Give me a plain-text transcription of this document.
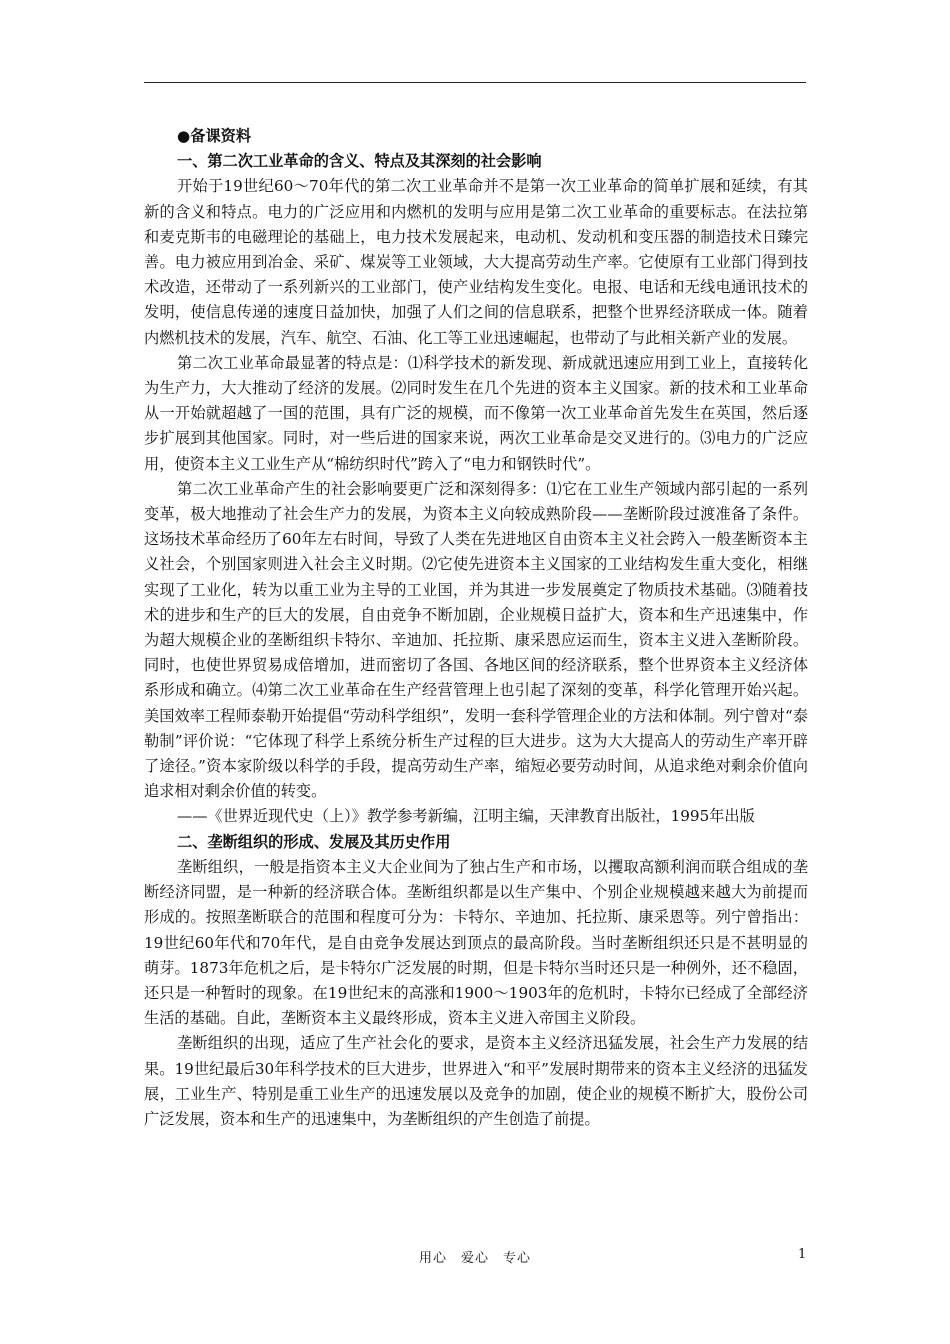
●备课资料

一、第二次工业革命的含义、特点及其深刻的社会影响

开始于19世纪60～70年代的第二次工业革命并不是第一次工业革命的简单扩展和延续，有其新的含义和特点。电力的广泛应用和内燃机的发明与应用是第二次工业革命的重要标志。在法拉第和麦克斯韦的电磁理论的基础上，电力技术发展起来，电动机、发动机和变压器的制造技术日臻完善。电力被应用到冶金、采矿、煤炭等工业领域，大大提高劳动生产率。它使原有工业部门得到技术改造，还带动了一系列新兴的工业部门，使产业结构发生变化。电报、电话和无线电通讯技术的发明，使信息传递的速度日益加快，加强了人们之间的信息联系，把整个世界经济联成一体。随着内燃机技术的发展，汽车、航空、石油、化工等工业迅速崛起，也带动了与此相关新产业的发展。

第二次工业革命最显著的特点是：⑴科学技术的新发现、新成就迅速应用到工业上，直接转化为生产力，大大推动了经济的发展。⑵同时发生在几个先进的资本主义国家。新的技术和工业革命从一开始就超越了一国的范围，具有广泛的规模，而不像第一次工业革命首先发生在英国，然后逐步扩展到其他国家。同时，对一些后进的国家来说，两次工业革命是交叉进行的。⑶电力的广泛应用，使资本主义工业生产从“棉纺织时代”跨入了“电力和钢铁时代”。

第二次工业革命产生的社会影响要更广泛和深刻得多：⑴它在工业生产领域内部引起的一系列变革，极大地推动了社会生产力的发展，为资本主义向较成熟阶段——垄断阶段过渡准备了条件。这场技术革命经历了60年左右时间，导致了人类在先进地区自由资本主义社会跨入一般垄断资本主义社会，个别国家则进入社会主义时期。⑵它使先进资本主义国家的工业结构发生重大变化，相继实现了工业化，转为以重工业为主导的工业国，并为其进一步发展奠定了物质技术基础。⑶随着技术的进步和生产的巨大的发展，自由竞争不断加剧，企业规模日益扩大，资本和生产迅速集中，作为超大规模企业的垄断组织卡特尔、辛迪加、托拉斯、康采恩应运而生，资本主义进入垄断阶段。同时，也使世界贸易成倍增加，进而密切了各国、各地区间的经济联系，整个世界资本主义经济体系形成和确立。⑷第二次工业革命在生产经营管理上也引起了深刻的变革，科学化管理开始兴起。美国效率工程师泰勒开始提倡“劳动科学组织”，发明一套科学管理企业的方法和体制。列宁曾对“泰勒制”评价说：“它体现了科学上系统分析生产过程的巨大进步。这为大大提高人的劳动生产率开辟了途径。”资本家阶级以科学的手段，提高劳动生产率，缩短必要劳动时间，从追求绝对剩余价值向追求相对剩余价值的转变。

——《世界近现代史（上）》教学参考新编，江明主编，天津教育出版社，1995年出版

二、垄断组织的形成、发展及其历史作用

垄断组织，一般是指资本主义大企业间为了独占生产和市场，以攫取高额利润而联合组成的垄断经济同盟，是一种新的经济联合体。垄断组织都是以生产集中、个别企业规模越来越大为前提而形成的。按照垄断联合的范围和程度可分为：卡特尔、辛迪加、托拉斯、康采恩等。列宁曾指出：19世纪60年代和70年代，是自由竞争发展达到顶点的最高阶段。当时垄断组织还只是不甚明显的萌芽。1873年危机之后，是卡特尔广泛发展的时期，但是卡特尔当时还只是一种例外，还不稳固，还只是一种暂时的现象。在19世纪末的高涨和1900～1903年的危机时，卡特尔已经成了全部经济生活的基础。自此，垄断资本主义最终形成，资本主义进入帝国主义阶段。

垄断组织的出现，适应了生产社会化的要求，是资本主义经济迅猛发展，社会生产力发展的结果。19世纪最后30年科学技术的巨大进步，世界进入“和平”发展时期带来的资本主义经济的迅猛发展，工业生产、特别是重工业生产的迅速发展以及竞争的加剧，使企业的规模不断扩大，股份公司广泛发展，资本和生产的迅速集中，为垄断组织的产生创造了前提。

用心　爱心　专心	1
